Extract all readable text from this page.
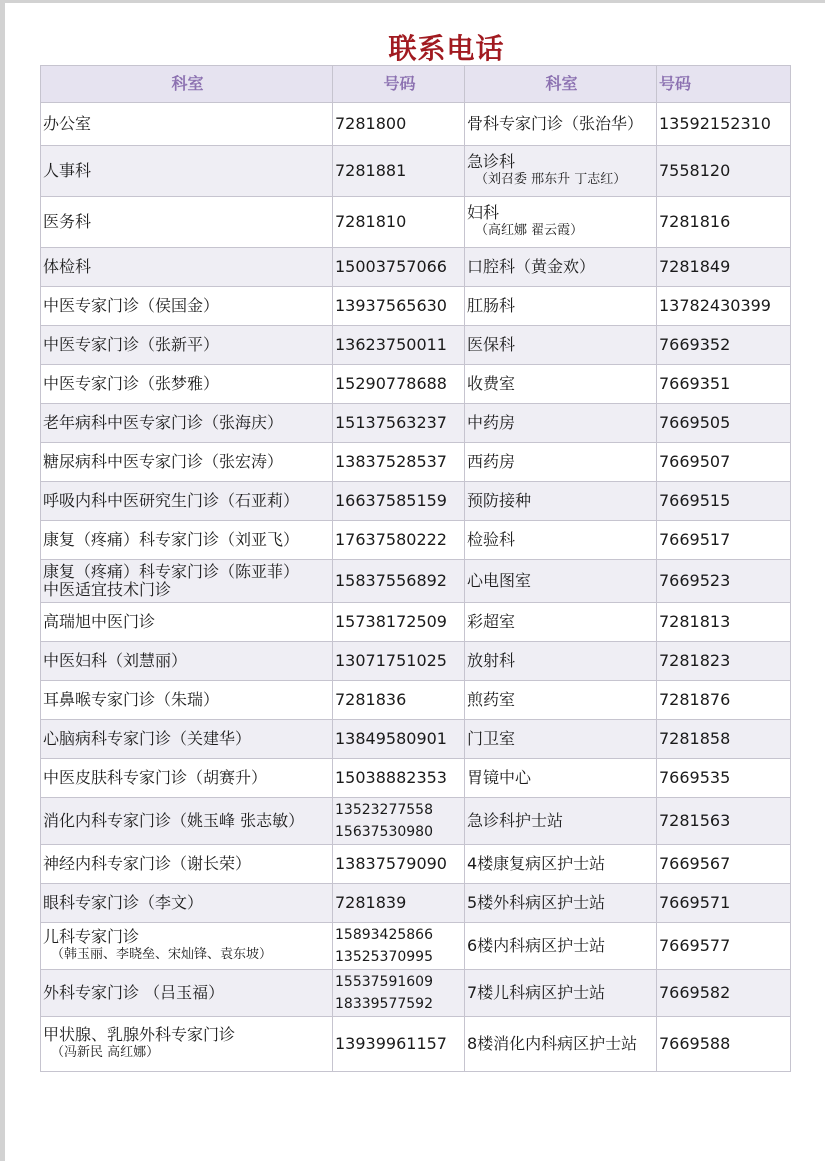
联系电话
科室	号码	科室	号码

办公室	7281800	骨科专家门诊（张治华）	13592152310

人事科	7281881	急诊科
（刘召委 邢东升 丁志红）	7558120

医务科	7281810	妇科
（高红娜 翟云霞）	7281816

体检科	15003757066	口腔科（黄金欢）	7281849

中医专家门诊（侯国金）	13937565630	肛肠科	13782430399

中医专家门诊（张新平）	13623750011	医保科	7669352

中医专家门诊（张梦雅）	15290778688	收费室	7669351

老年病科中医专家门诊（张海庆）	15137563237	中药房	7669505

糖尿病科中医专家门诊（张宏涛）	13837528537	西药房	7669507

呼吸内科中医研究生门诊（石亚莉）	16637585159	预防接种	7669515

康复（疼痛）科专家门诊（刘亚飞）	17637580222	检验科	7669517

康复（疼痛）科专家门诊（陈亚菲）
中医适宜技术门诊	15837556892	心电图室	7669523

高瑞旭中医门诊	15738172509	彩超室	7281813

中医妇科（刘慧丽）	13071751025	放射科	7281823

耳鼻喉专家门诊（朱瑞）	7281836	煎药室	7281876

心脑病科专家门诊（关建华）	13849580901	门卫室	7281858

中医皮肤科专家门诊（胡赛升）	15038882353	胃镜中心	7669535

消化内科专家门诊（姚玉峰 张志敏）	13523277558
15637530980	急诊科护士站	7281563

神经内科专家门诊（谢长荣）	13837579090	4楼康复病区护士站	7669567

眼科专家门诊（李文）	7281839	5楼外科病区护士站	7669571

儿科专家门诊
（韩玉丽、李晓垒、宋灿锋、袁东坡）	15893425866
13525370995	6楼内科病区护士站	7669577

外科专家门诊 （吕玉福）	15537591609
18339577592	7楼儿科病区护士站	7669582

甲状腺、乳腺外科专家门诊
（冯新民 高红娜）	13939961157	8楼消化内科病区护士站	7669588
